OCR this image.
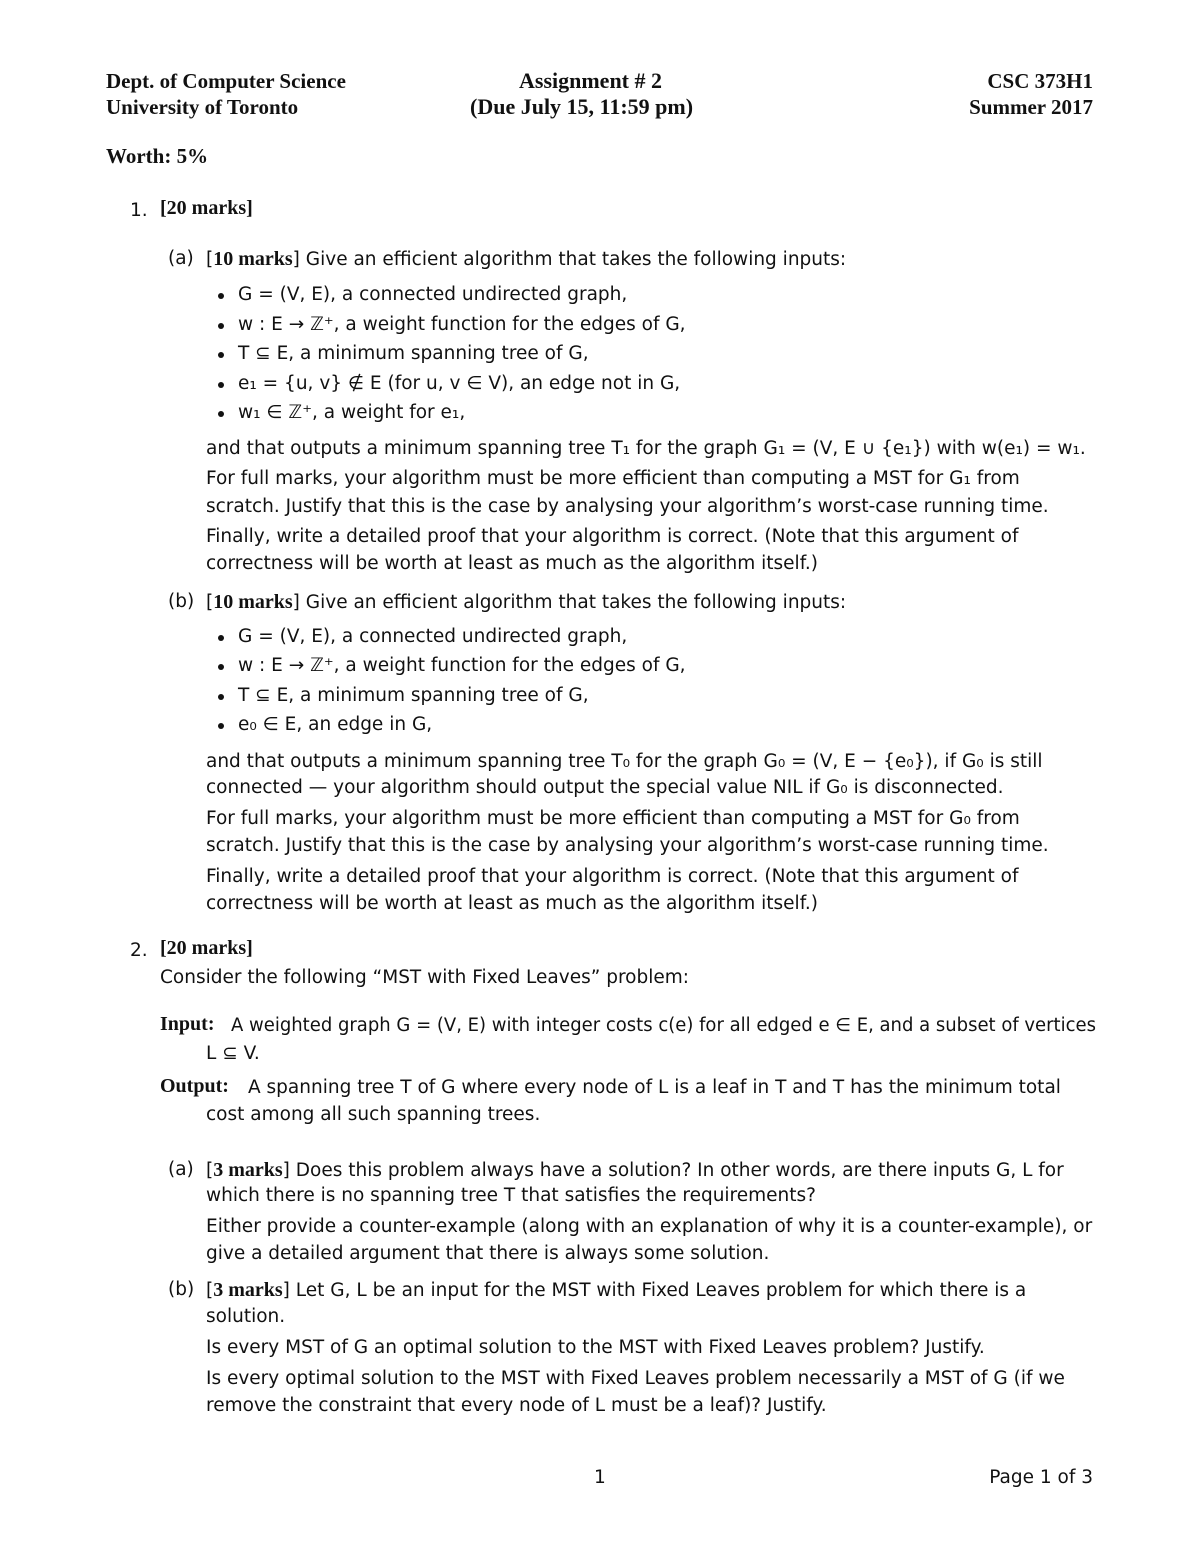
Dept. of Computer Science
University of Toronto
Assignment # 2
(Due July 15, 11:59 pm)
CSC 373H1
Summer 2017
Worth: 5%
1. [20 marks]
(a) [10 marks] Give an efficient algorithm that takes the following inputs:
G = (V, E), a connected undirected graph,
w : E → ℤ⁺, a weight function for the edges of G,
T ⊆ E, a minimum spanning tree of G,
e₁ = {u, v} ∉ E (for u, v ∈ V), an edge not in G,
w₁ ∈ ℤ⁺, a weight for e₁,
and that outputs a minimum spanning tree T₁ for the graph G₁ = (V, E ∪ {e₁}) with w(e₁) = w₁.
For full marks, your algorithm must be more efficient than computing a MST for G₁ from
scratch. Justify that this is the case by analysing your algorithm’s worst-case running time.
Finally, write a detailed proof that your algorithm is correct. (Note that this argument of
correctness will be worth at least as much as the algorithm itself.)
(b) [10 marks] Give an efficient algorithm that takes the following inputs:
G = (V, E), a connected undirected graph,
w : E → ℤ⁺, a weight function for the edges of G,
T ⊆ E, a minimum spanning tree of G,
e₀ ∈ E, an edge in G,
and that outputs a minimum spanning tree T₀ for the graph G₀ = (V, E − {e₀}), if G₀ is still
connected — your algorithm should output the special value NIL if G₀ is disconnected.
For full marks, your algorithm must be more efficient than computing a MST for G₀ from
scratch. Justify that this is the case by analysing your algorithm’s worst-case running time.
Finally, write a detailed proof that your algorithm is correct. (Note that this argument of
correctness will be worth at least as much as the algorithm itself.)
2. [20 marks]
Consider the following “MST with Fixed Leaves” problem:
Input: A weighted graph G = (V, E) with integer costs c(e) for all edged e ∈ E, and a subset of vertices
L ⊆ V.
Output: A spanning tree T of G where every node of L is a leaf in T and T has the minimum total
cost among all such spanning trees.
(a) [3 marks] Does this problem always have a solution? In other words, are there inputs G, L for
which there is no spanning tree T that satisfies the requirements?
Either provide a counter-example (along with an explanation of why it is a counter-example), or
give a detailed argument that there is always some solution.
(b) [3 marks] Let G, L be an input for the MST with Fixed Leaves problem for which there is a
solution.
Is every MST of G an optimal solution to the MST with Fixed Leaves problem? Justify.
Is every optimal solution to the MST with Fixed Leaves problem necessarily a MST of G (if we
remove the constraint that every node of L must be a leaf)? Justify.
1	Page 1 of 3
